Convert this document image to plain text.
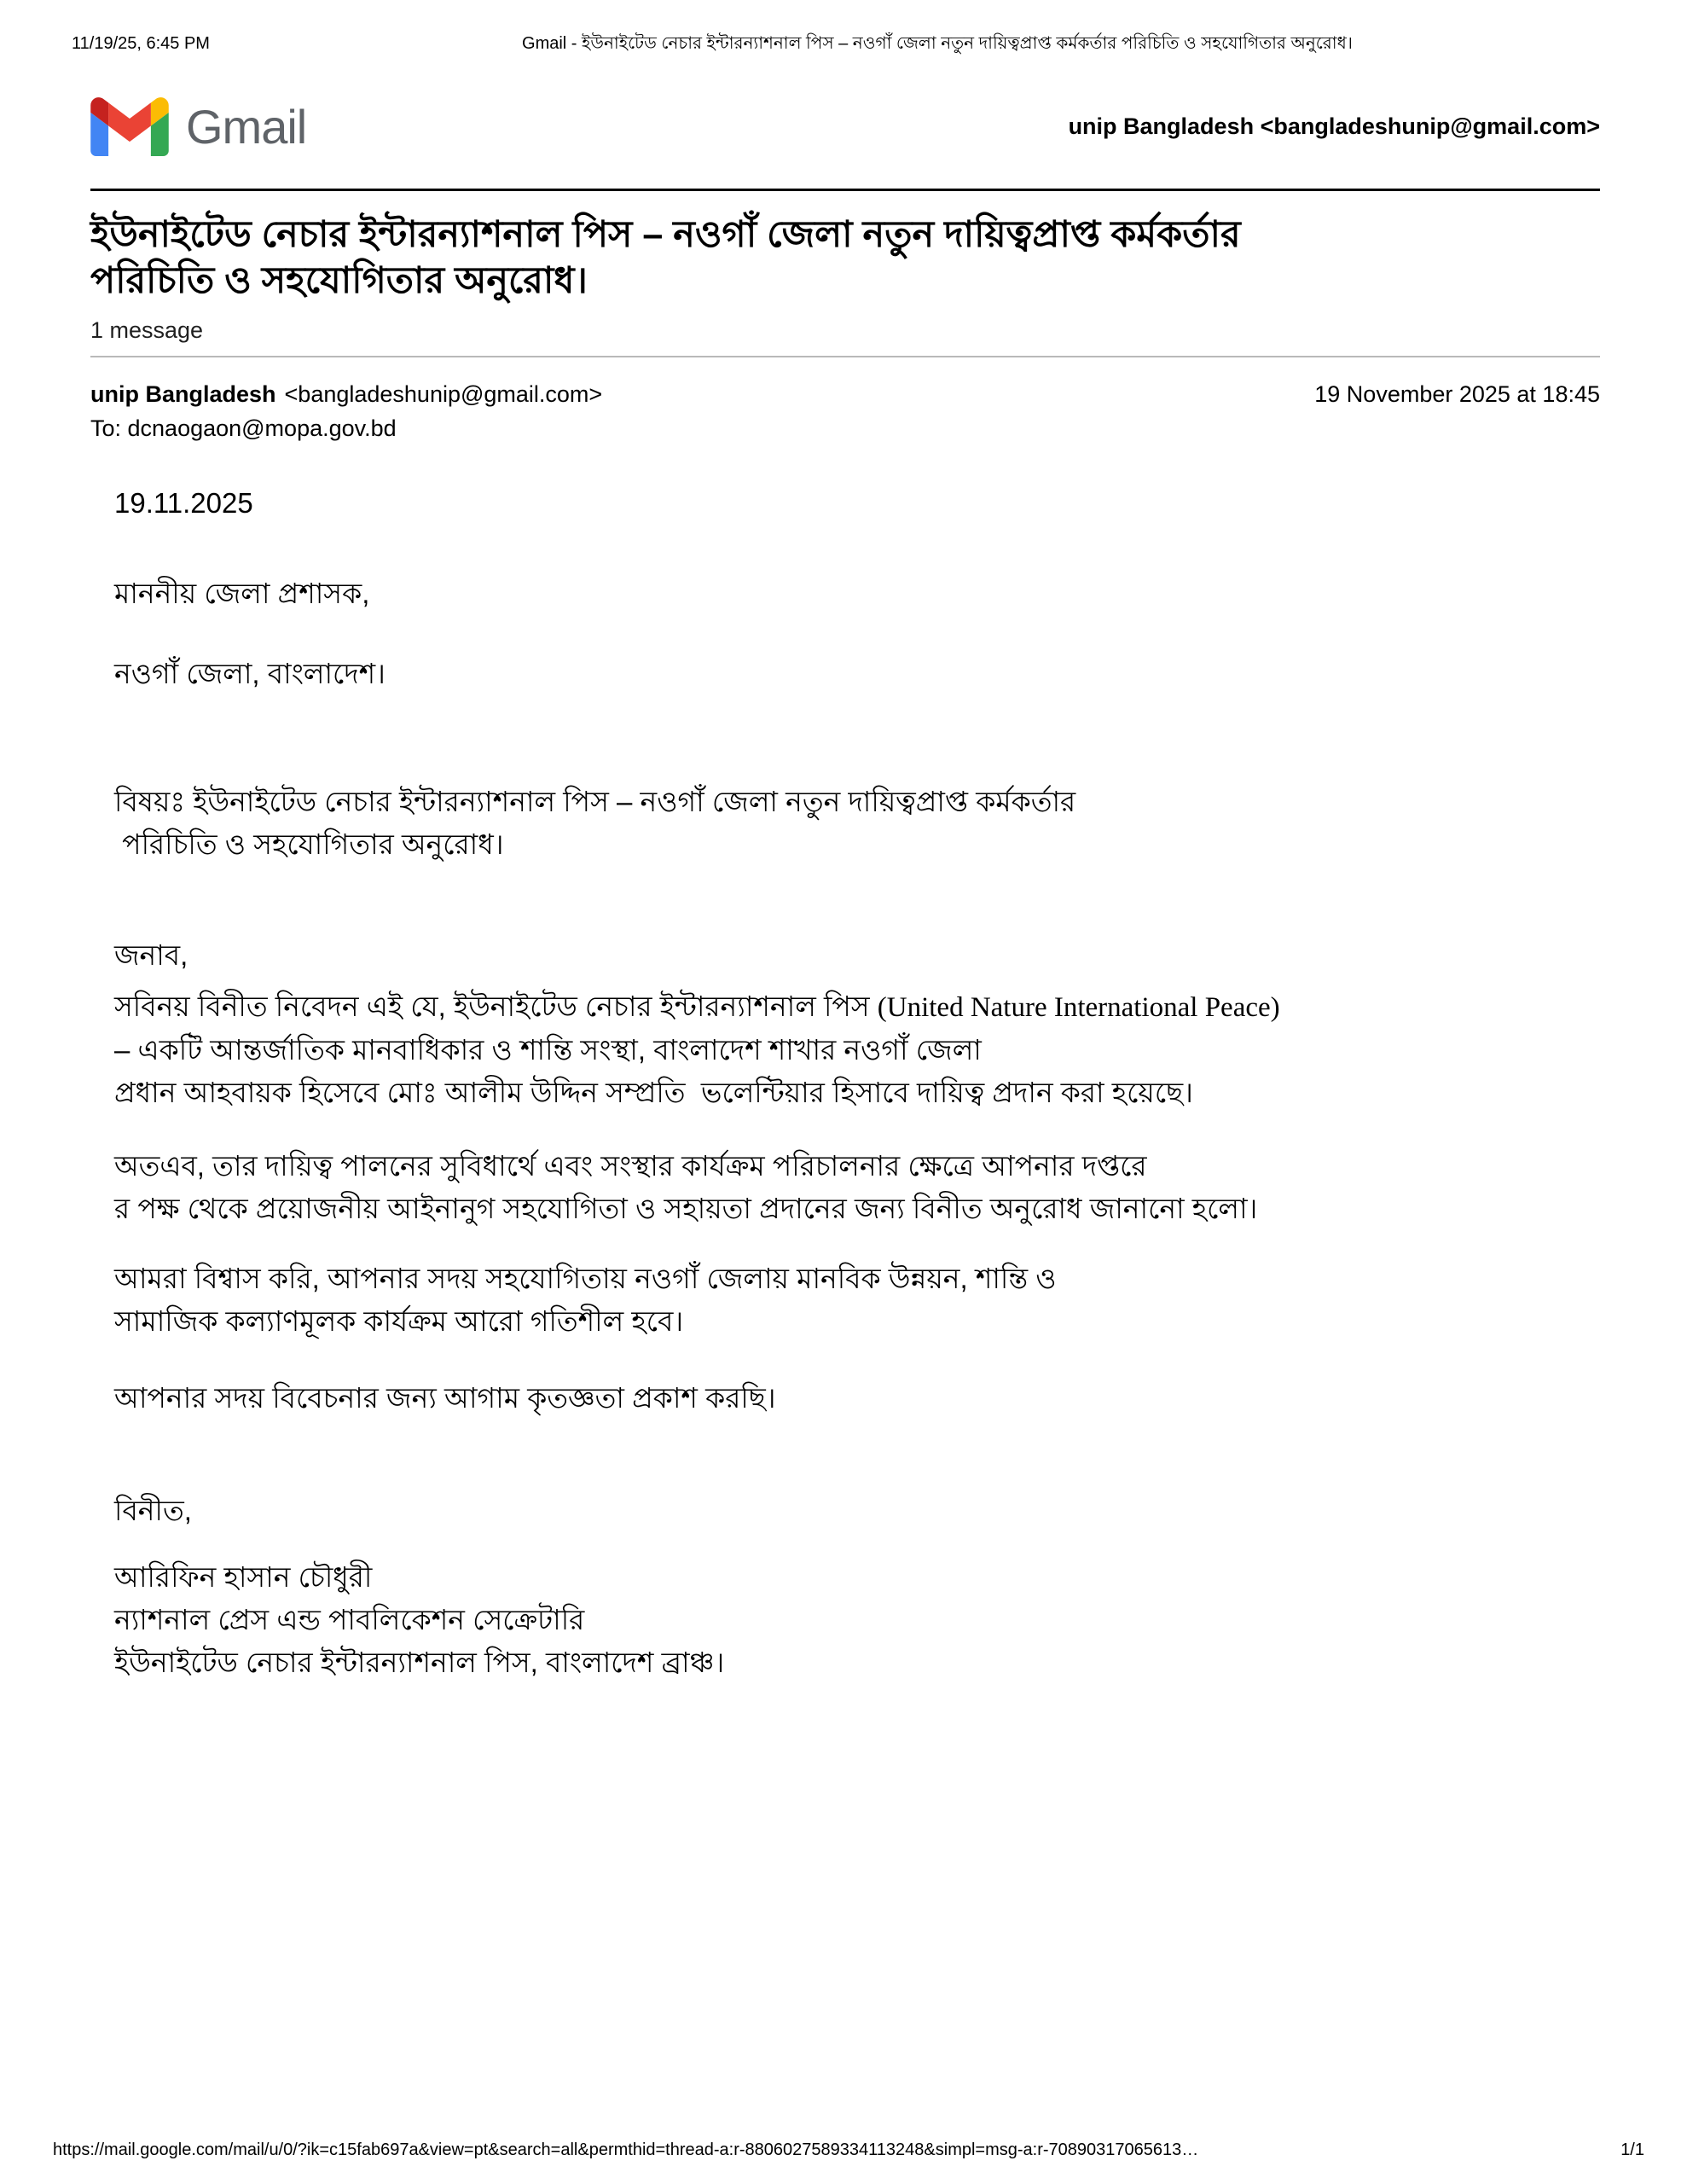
11/19/25, 6:45 PM	Gmail - ইউনাইটেড নেচার ইন্টারন্যাশনাল পিস – নওগাঁ জেলা নতুন দায়িত্বপ্রাপ্ত কর্মকর্তার পরিচিতি ও সহযোগিতার অনুরোধ।
Gmail	unip Bangladesh <bangladeshunip@gmail.com>
ইউনাইটেড নেচার ইন্টারন্যাশনাল পিস – নওগাঁ জেলা নতুন দায়িত্বপ্রাপ্ত কর্মকর্তার
পরিচিতি ও সহযোগিতার অনুরোধ।
1 message
unip Bangladesh <bangladeshunip@gmail.com>	19 November 2025 at 18:45
To: dcnaogaon@mopa.gov.bd

19.11.2025

মাননীয় জেলা প্রশাসক,

নওগাঁ জেলা, বাংলাদেশ।

বিষয়ঃ ইউনাইটেড নেচার ইন্টারন্যাশনাল পিস – নওগাঁ জেলা নতুন দায়িত্বপ্রাপ্ত কর্মকর্তার

পরিচিতি ও সহযোগিতার অনুরোধ।

জনাব,

সবিনয় বিনীত নিবেদন এই যে, ইউনাইটেড নেচার ইন্টারন্যাশনাল পিস (United Nature International Peace)

– একটি আন্তর্জাতিক মানবাধিকার ও শান্তি সংস্থা, বাংলাদেশ শাখার নওগাঁ জেলা

প্রধান আহবায়ক হিসেবে মোঃ আলীম উদ্দিন সম্প্রতি  ভলেন্টিয়ার হিসাবে দায়িত্ব প্রদান করা হয়েছে।

অতএব, তার দায়িত্ব পালনের সুবিধার্থে এবং সংস্থার কার্যক্রম পরিচালনার ক্ষেত্রে আপনার দপ্তরে

র পক্ষ থেকে প্রয়োজনীয় আইনানুগ সহযোগিতা ও সহায়তা প্রদানের জন্য বিনীত অনুরোধ জানানো হলো।

আমরা বিশ্বাস করি, আপনার সদয় সহযোগিতায় নওগাঁ জেলায় মানবিক উন্নয়ন, শান্তি ও

সামাজিক কল্যাণমূলক কার্যক্রম আরো গতিশীল হবে।

আপনার সদয় বিবেচনার জন্য আগাম কৃতজ্ঞতা প্রকাশ করছি।

বিনীত,

আরিফিন হাসান চৌধুরী

ন্যাশনাল প্রেস এন্ড পাবলিকেশন সেক্রেটারি

ইউনাইটেড নেচার ইন্টারন্যাশনাল পিস, বাংলাদেশ ব্রাঞ্চ।

https://mail.google.com/mail/u/0/?ik=c15fab697a&view=pt&search=all&permthid=thread-a:r-8806027589334113248&simpl=msg-a:r-70890317065613…	1/1
